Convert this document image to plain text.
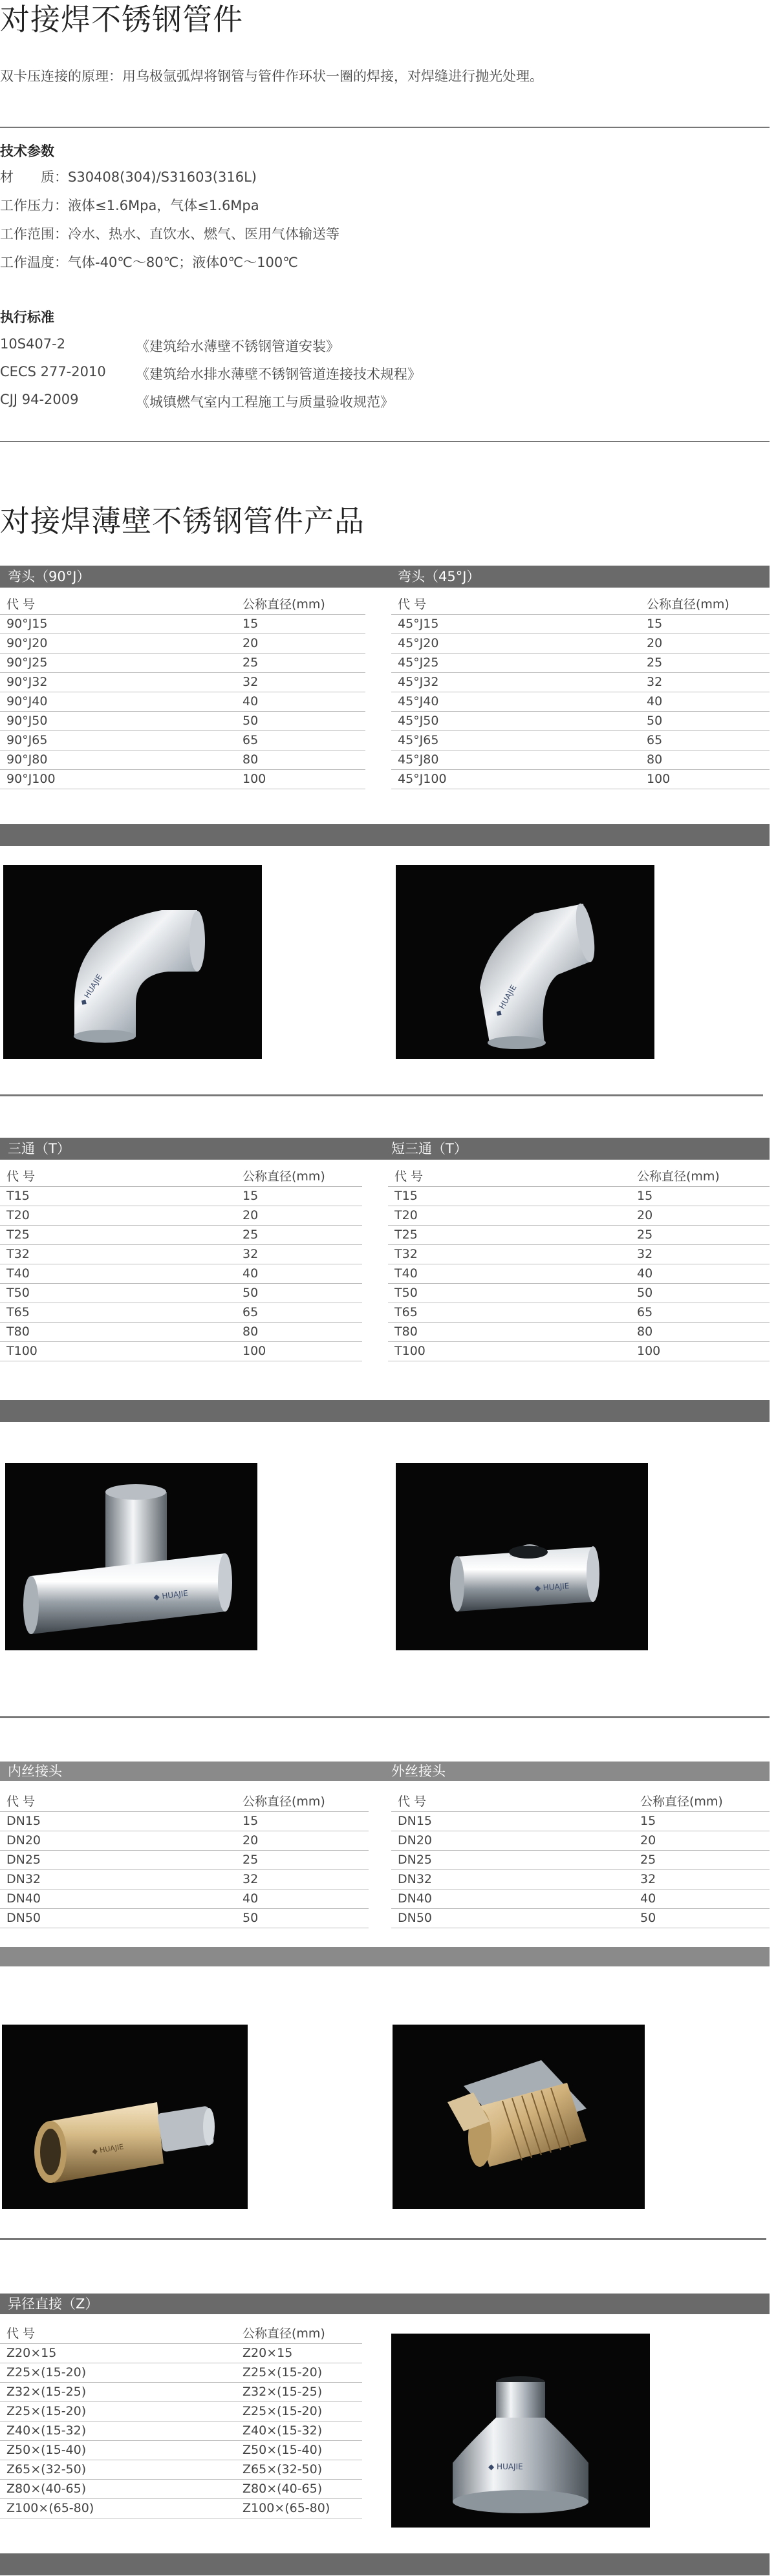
对接焊不锈钢管件
双卡压连接的原理：用乌极氩弧焊将钢管与管件作环状一圈的焊接，对焊缝进行抛光处理。
技术参数
材　　质：S30408(304)/S31603(316L)
工作压力：液体≤1.6Mpa，气体≤1.6Mpa
工作范围：冷水、热水、直饮水、燃气、医用气体输送等
工作温度：气体-40℃～80℃；液体0℃～100℃
执行标准
10S407-2	《建筑给水薄壁不锈钢管道安装》
CECS 277-2010 《建筑给水排水薄壁不锈钢管道连接技术规程》
CJJ 94-2009	《城镇燃气室内工程施工与质量验收规范》
对接焊薄壁不锈钢管件产品
弯头（90°J）	弯头（45°J）
代 号	公称直径(mm)
90°J15	15
90°J20	20
90°J25	25
90°J32	32
90°J40	40
90°J50	50
90°J65	65
90°J80	80
90°J100	100
代 号	公称直径(mm)
45°J15	15
45°J20	20
45°J25	25
45°J32	32
45°J40	40
45°J50	50
45°J65	65
45°J80	80
45°J100	100
◆ HUAJIE	◆ HUAJIE
三通（T）	短三通（T）
代 号	公称直径(mm)
T15	15
T20	20
T25	25
T32	32
T40	40
T50	50
T65	65
T80	80
T100	100
代 号	公称直径(mm)
T15	15
T20	20
T25	25
T32	32
T40	40
T50	50
T65	65
T80	80
T100	100
◆ HUAJIE
◆ HUAJIE
内丝接头	外丝接头
代 号	公称直径(mm)
DN15	15
DN20	20
DN25	25
DN32	32
DN40	40
DN50	50
代 号	公称直径(mm)
DN15	15
DN20	20
DN25	25
DN32	32
DN40	40
DN50	50
◆ HUAJIE
异径直接（Z）
代 号	公称直径(mm)
Z20×15	Z20×15
Z25×(15-20)	Z25×(15-20)
Z32×(15-25)	Z32×(15-25)
Z25×(15-20)	Z25×(15-20)
Z40×(15-32)	Z40×(15-32)
Z50×(15-40)	Z50×(15-40)
Z65×(32-50)	Z65×(32-50)
Z80×(40-65)	Z80×(40-65)
Z100×(65-80)	Z100×(65-80)
◆ HUAJIE
